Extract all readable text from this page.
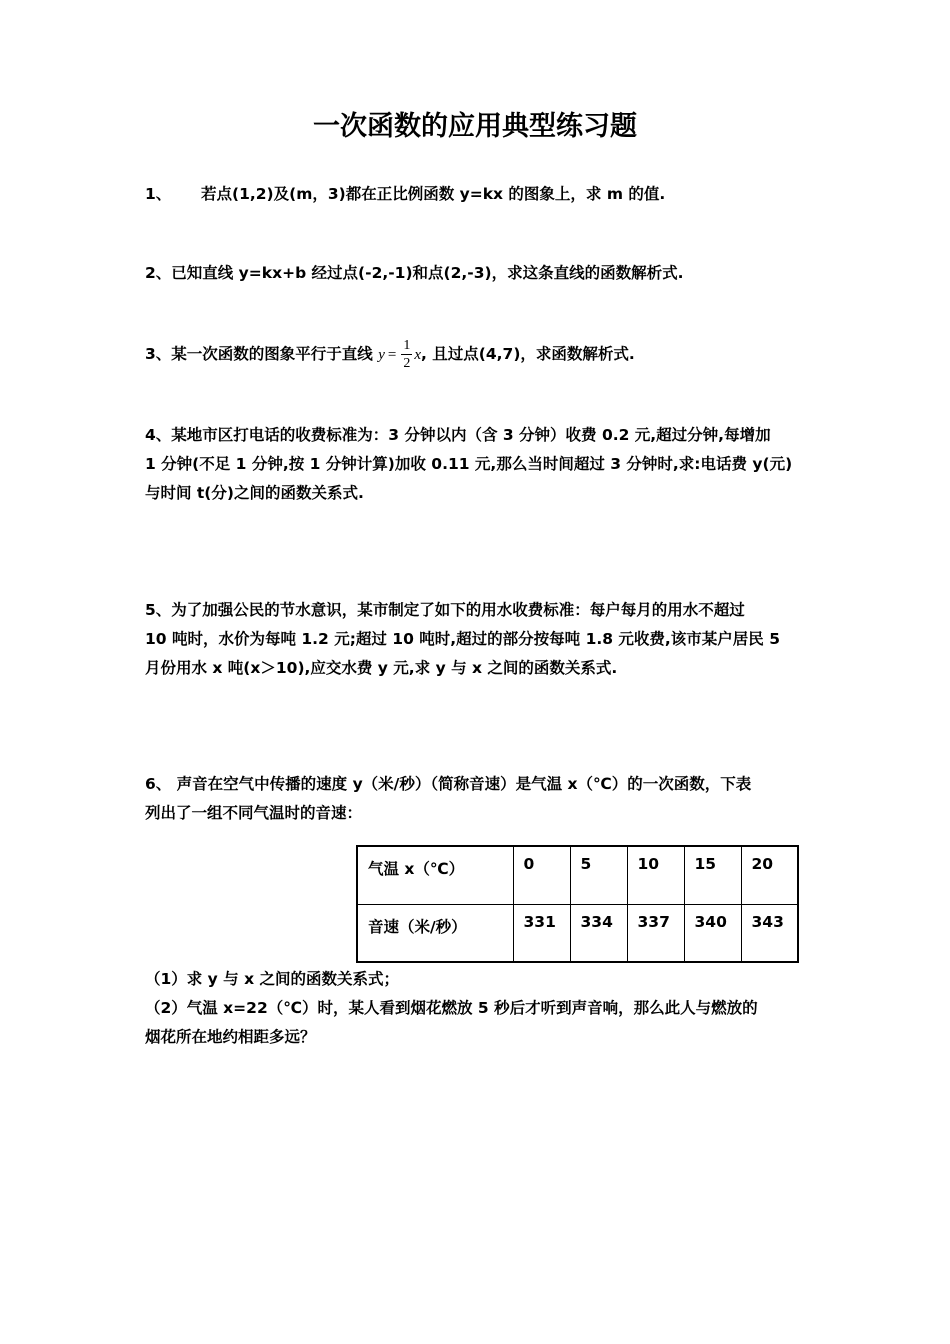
一次函数的应用典型练习题
1、 若点(1,2)及(m，3)都在正比例函数 y=kx 的图象上，求 m 的值.
2、已知直线 y=kx+b 经过点(-2,-1)和点(2,-3)，求这条直线的函数解析式.
3、某一次函数的图象平行于直线 $y = \frac{1}{2} x$, 且过点(4,7)，求函数解析式.
4、某地市区打电话的收费标准为：3 分钟以内（含 3 分钟）收费 0.2 元,超过分钟,每增加
1 分钟(不足 1 分钟,按 1 分钟计算)加收 0.11 元,那么当时间超过 3 分钟时,求:电话费 y(元)
与时间 t(分)之间的函数关系式.
5、为了加强公民的节水意识，某市制定了如下的用水收费标准：每户每月的用水不超过
10 吨时，水价为每吨 1.2 元;超过 10 吨时,超过的部分按每吨 1.8 元收费,该市某户居民 5
月份用水 x 吨(x＞10),应交水费 y 元,求 y 与 x 之间的函数关系式.
6、 声音在空气中传播的速度 y（米/秒）（简称音速）是气温 x（℃）的一次函数，下表
列出了一组不同气温时的音速：
气温 x（℃）	0	5	10	15	20
音速（米/秒）	331	334	337	340	343
（1）求 y 与 x 之间的函数关系式；
（2）气温 x=22（℃）时，某人看到烟花燃放 5 秒后才听到声音响，那么此人与燃放的
烟花所在地约相距多远？
